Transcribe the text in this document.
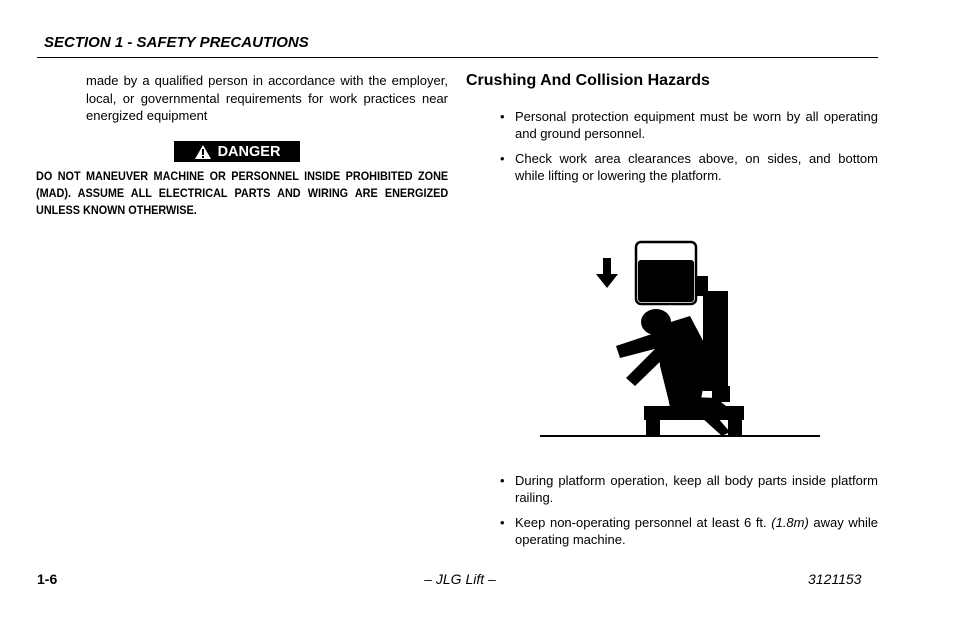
SECTION 1 - SAFETY PRECAUTIONS
made by a qualified person in accordance with the employer, local, or governmental requirements for work practices near energized equipment
DANGER
DO NOT MANEUVER MACHINE OR PERSONNEL INSIDE PROHIBITED ZONE (MAD). ASSUME ALL ELECTRICAL PARTS AND WIRING ARE ENERGIZED UNLESS KNOWN OTHERWISE.
Crushing And Collision Hazards
• Personal protection equipment must be worn by all operating and ground personnel.
• Check work area clearances above, on sides, and bottom while lifting or lowering the platform.
• During platform operation, keep all body parts inside platform railing.
• Keep non-operating personnel at least 6 ft. (1.8m) away while operating machine.
1-6	– JLG Lift –	3121153
